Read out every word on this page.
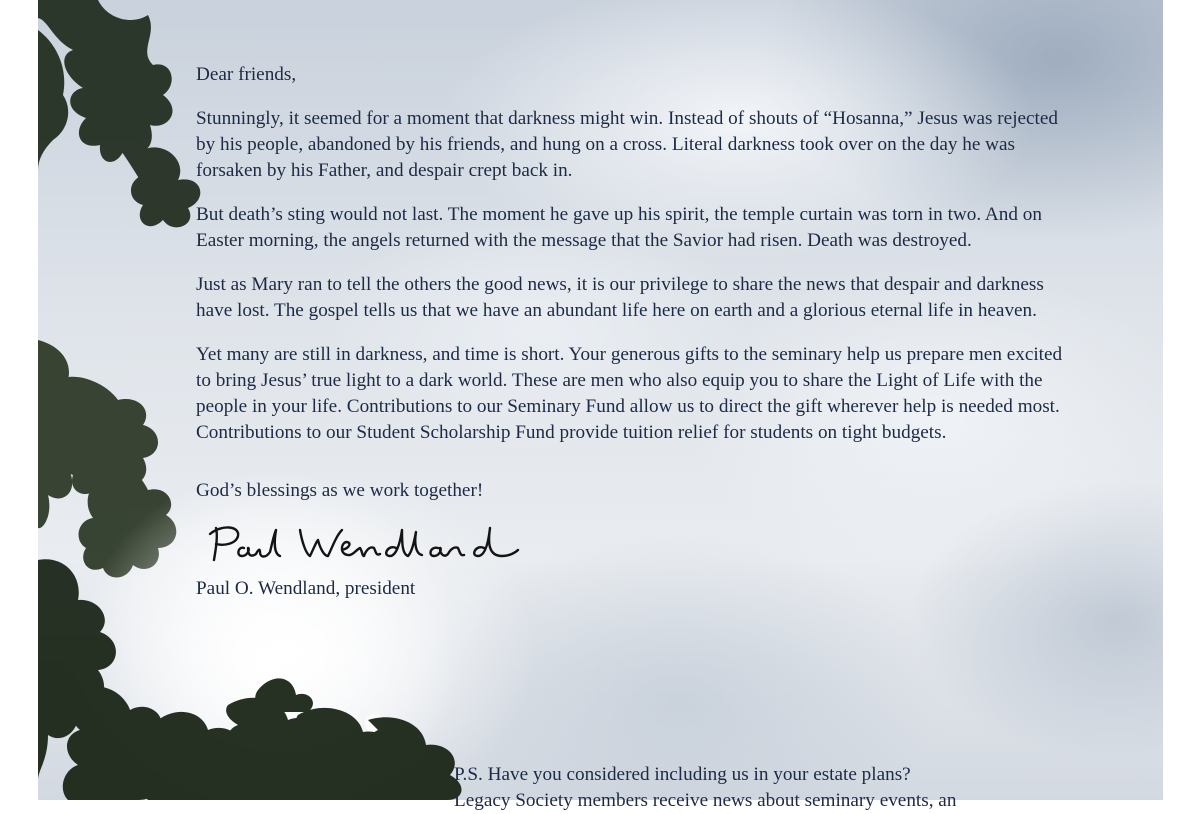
Dear friends,

Stunningly, it seemed for a moment that darkness might win. Instead of shouts of “Hosanna,” Jesus was rejected by his people, abandoned by his friends, and hung on a cross. Literal darkness took over on the day he was forsaken by his Father, and despair crept back in.

But death’s sting would not last. The moment he gave up his spirit, the temple curtain was torn in two. And on Easter morning, the angels returned with the message that the Savior had risen. Death was destroyed.

Just as Mary ran to tell the others the good news, it is our privilege to share the news that despair and darkness have lost. The gospel tells us that we have an abundant life here on earth and a glorious eternal life in heaven.

Yet many are still in darkness, and time is short. Your generous gifts to the seminary help us prepare men excited to bring Jesus’ true light to a dark world. These are men who also equip you to share the Light of Life with the people in your life. Contributions to our Seminary Fund allow us to direct the gift wherever help is needed most. Contributions to our Student Scholarship Fund provide tuition relief for students on tight budgets.

God’s blessings as we work together!

Paul O. Wendland, president

P.S. Have you considered including us in your estate plans?

Legacy Society members receive news about seminary events, an
